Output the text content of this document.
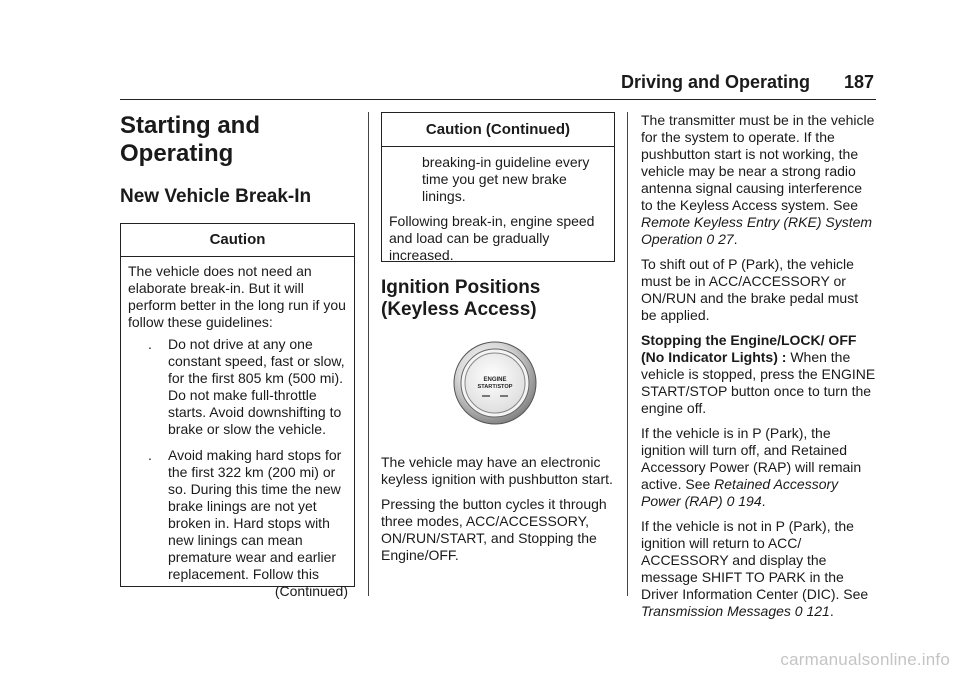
Driving and Operating 187
Starting and
Operating
New Vehicle Break-In
Caution

The vehicle does not need an elaborate break-in. But it will perform better in the long run if you follow these guidelines:

. Do not drive at any one constant speed, fast or slow, for the first 805 km (500 mi). Do not make full-throttle starts. Avoid downshifting to brake or slow the vehicle.
. Avoid making hard stops for the first 322 km (200 mi) or so. During this time the new brake linings are not yet broken in. Hard stops with new linings can mean premature wear and earlier replacement. Follow this
(Continued)
Caution (Continued)

breaking-in guideline every time you get new brake linings.

Following break-in, engine speed and load can be gradually increased.

Ignition Positions
(Keyless Access)
ENGINE
START/STOP

The vehicle may have an electronic keyless ignition with pushbutton start.

Pressing the button cycles it through three modes, ACC/ACCESSORY, ON/RUN/START, and Stopping the Engine/OFF.

The transmitter must be in the vehicle for the system to operate. If the pushbutton start is not working, the vehicle may be near a strong radio antenna signal causing interference to the Keyless Access system. See Remote Keyless Entry (RKE) System Operation 0 27.

To shift out of P (Park), the vehicle must be in ACC/ACCESSORY or ON/RUN and the brake pedal must be applied.

Stopping the Engine/LOCK/ OFF (No Indicator Lights) : When the vehicle is stopped, press the ENGINE START/STOP button once to turn the engine off.

If the vehicle is in P (Park), the ignition will turn off, and Retained Accessory Power (RAP) will remain active. See Retained Accessory Power (RAP) 0 194.

If the vehicle is not in P (Park), the ignition will return to ACC/ ACCESSORY and display the message SHIFT TO PARK in the Driver Information Center (DIC). See Transmission Messages 0 121.

carmanualsonline.info
